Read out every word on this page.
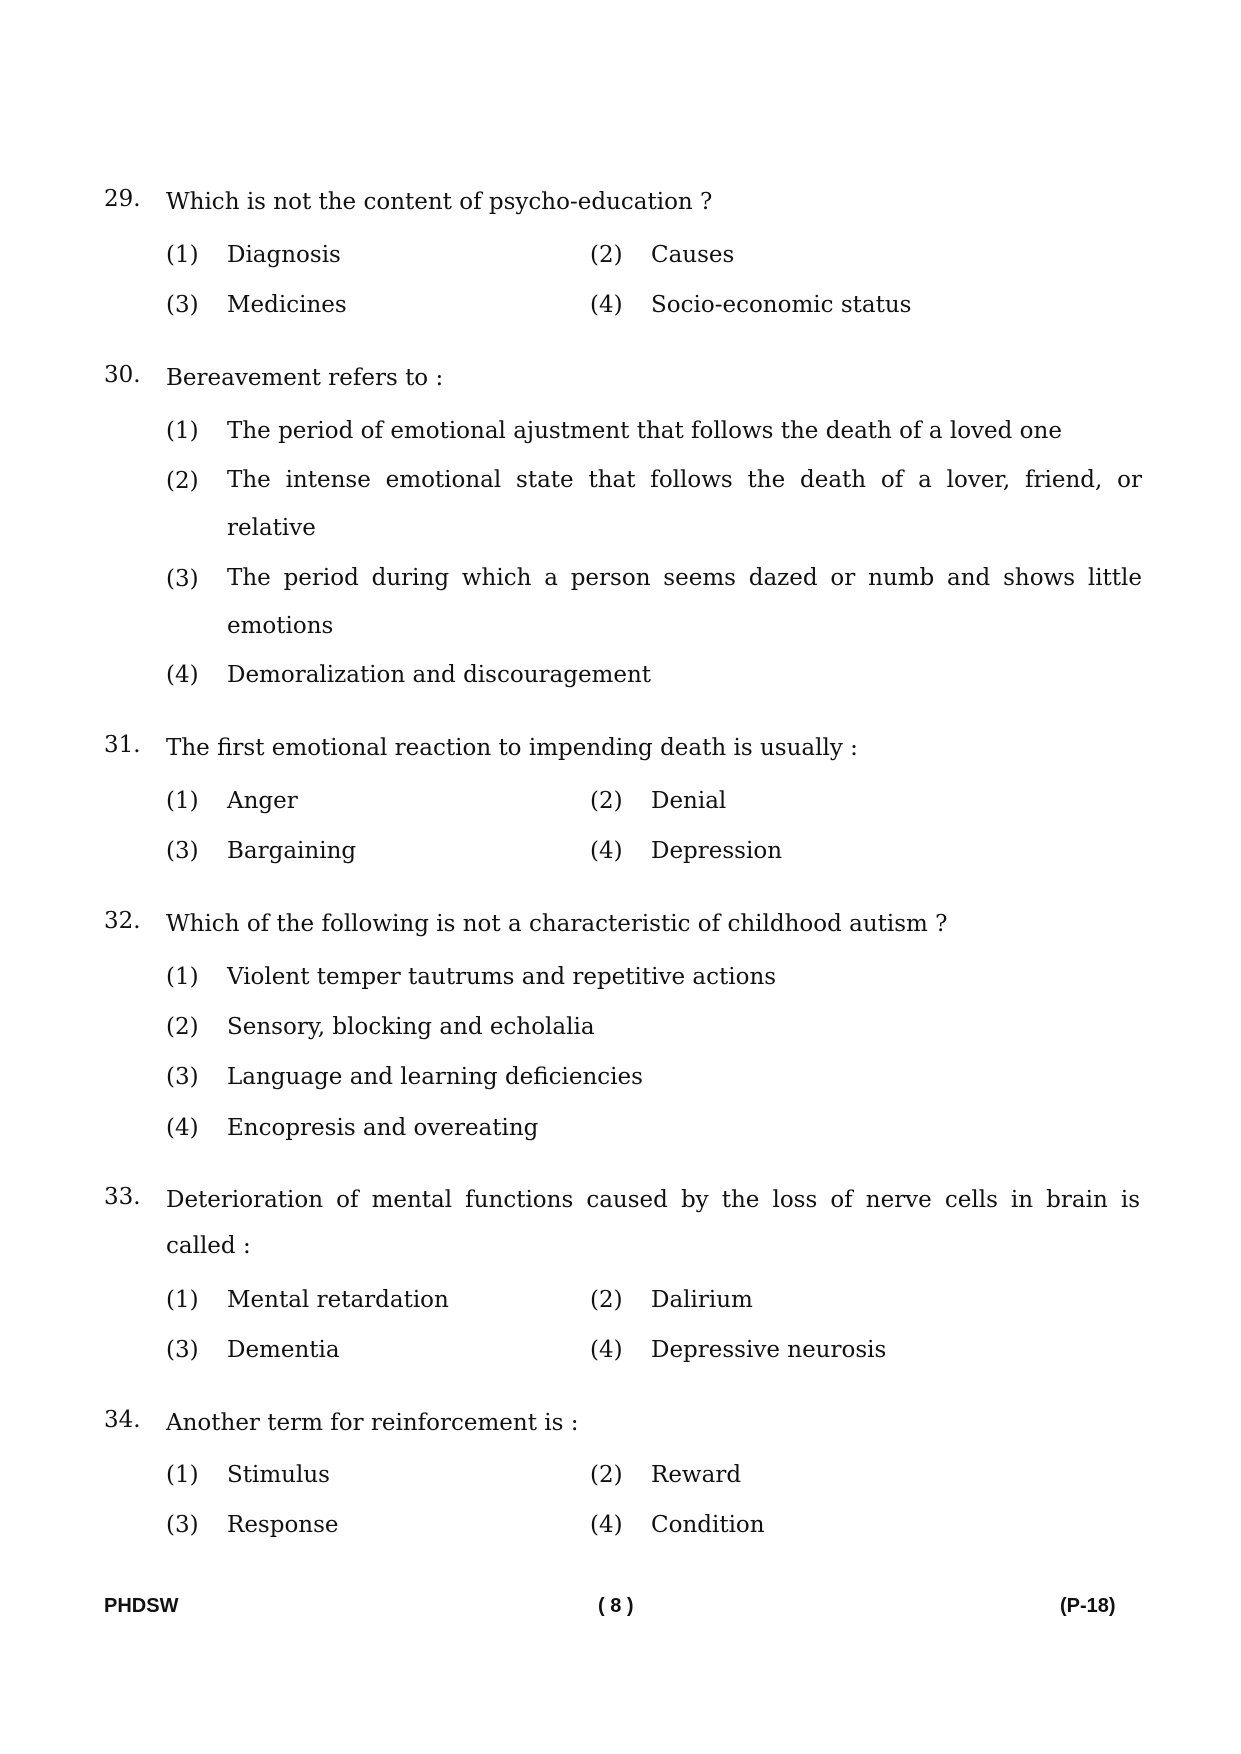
29. Which is not the content of psycho-education ?
(1) Diagnosis	(2) Causes
(3) Medicines	(4) Socio-economic status
30. Bereavement refers to :
(1) The period of emotional ajustment that follows the death of a loved one
(2) The intense emotional state that follows the death of a lover, friend, or relative
(3) The period during which a person seems dazed or numb and shows little emotions
(4) Demoralization and discouragement
31. The first emotional reaction to impending death is usually :
(1) Anger	(2) Denial
(3) Bargaining	(4) Depression
32. Which of the following is not a characteristic of childhood autism ?
(1) Violent temper tautrums and repetitive actions
(2) Sensory, blocking and echolalia
(3) Language and learning deficiencies
(4) Encopresis and overeating
33. Deterioration of mental functions caused by the loss of nerve cells in brain is called :
(1) Mental retardation	(2) Dalirium
(3) Dementia	(4) Depressive neurosis
34. Another term for reinforcement is :
(1) Stimulus	(2) Reward
(3) Response	(4) Condition
PHDSW	( 8 )	(P-18)
